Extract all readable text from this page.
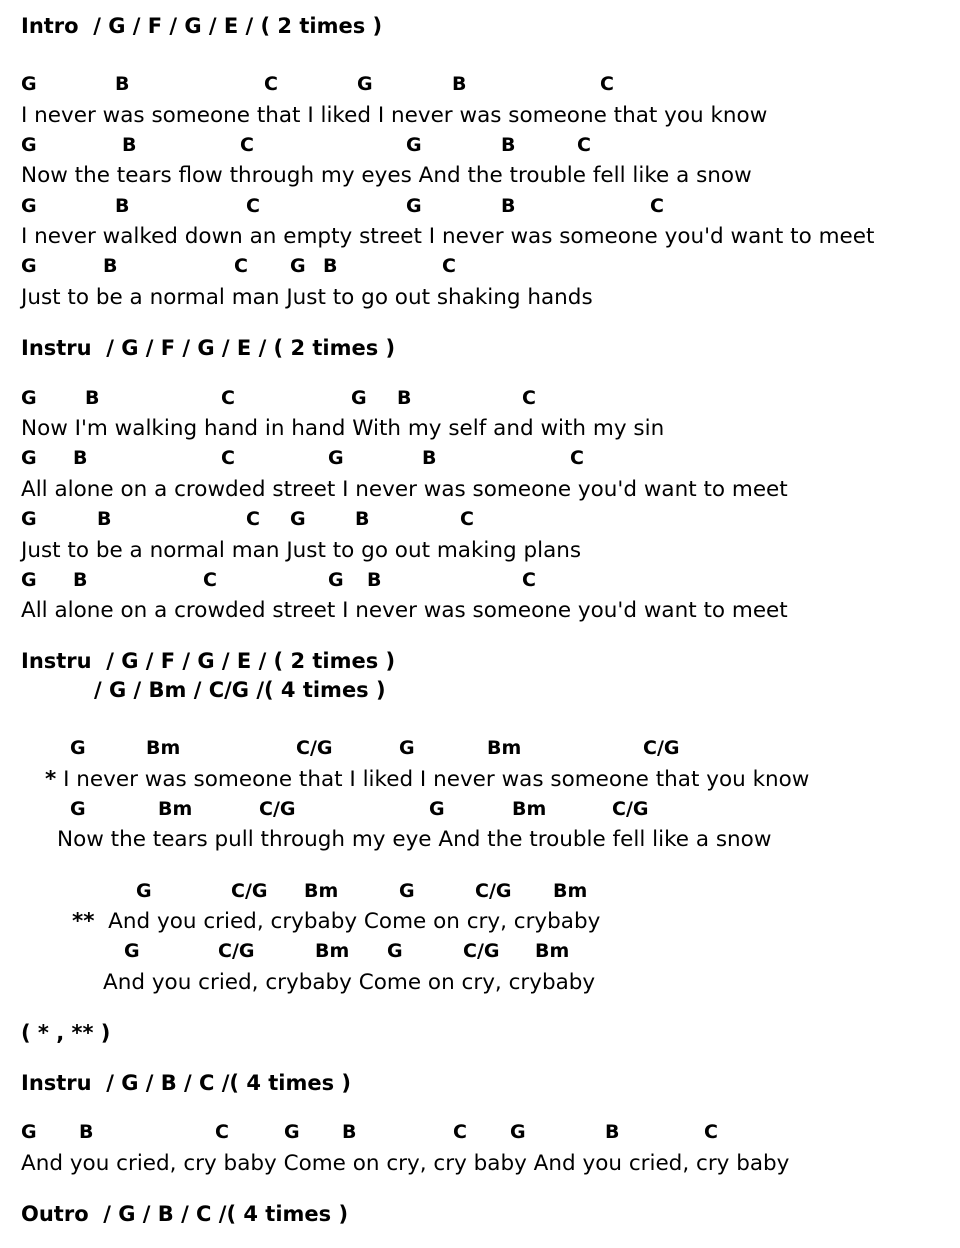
Intro  / G / F / G / E / ( 2 times )
G	B	C	G	B	C
I never was someone that I liked I never was someone that you know
G	B	C	G	B	C
Now the tears flow through my eyes And the trouble fell like a snow
G	B	C	G	B	C
I never walked down an empty street I never was someone you'd want to meet
G	B	C G B	C
Just to be a normal man Just to go out shaking hands
Instru  / G / F / G / E / ( 2 times )
G	B	C	G B	C
Now I'm walking hand in hand With my self and with my sin
G B	C	G	B	C
All alone on a crowded street I never was someone you'd want to meet
G	B	C G	B	C
Just to be a normal man Just to go out making plans
G B	C	G B	C
All alone on a crowded street I never was someone you'd want to meet
Instru  / G / F / G / E / ( 2 times )
/ G / Bm / C/G /( 4 times )
G	Bm	C/G	G	Bm	C/G
* I never was someone that I liked I never was someone that you know
G	Bm	C/G	G	Bm	C/G
Now the tears pull through my eye And the trouble fell like a snow
G	C/G Bm	G	C/G Bm
** And you cried, crybaby Come on cry, crybaby
G	C/G	Bm G	C/G Bm
And you cried, crybaby Come on cry, crybaby
( * , ** )
Instru  / G / B / C /( 4 times )
G B	C	G B	C G	B	C
And you cried, cry baby Come on cry, cry baby And you cried, cry baby
Outro  / G / B / C /( 4 times )
